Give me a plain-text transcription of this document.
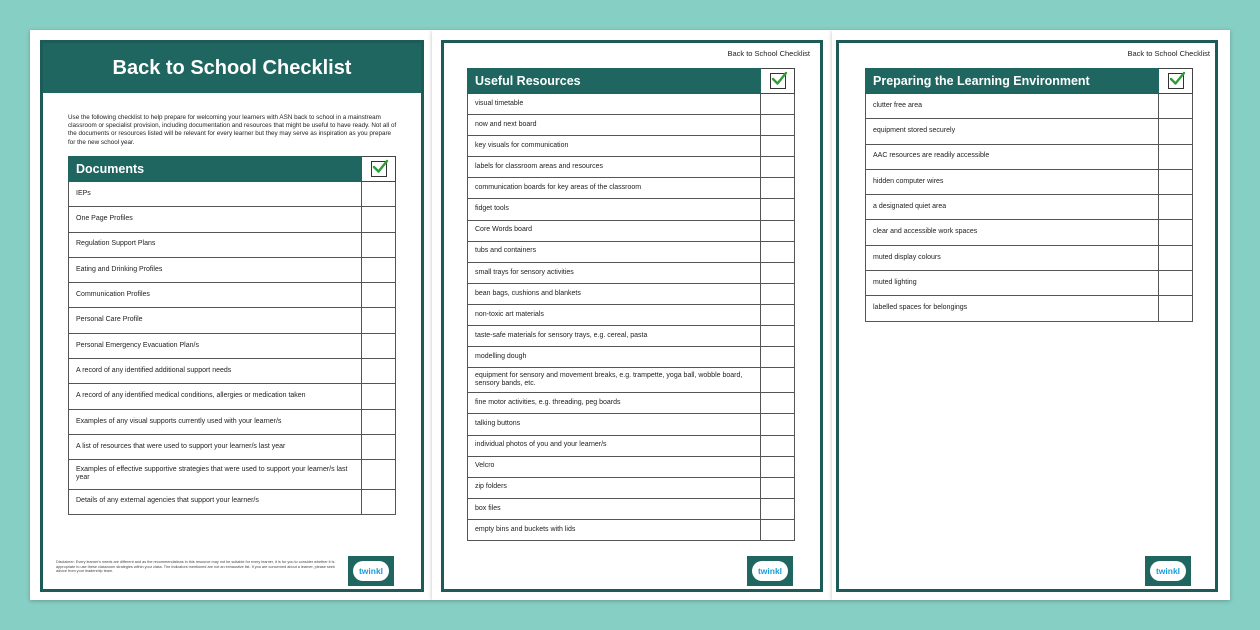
Back to School Checklist
Use the following checklist to help prepare for welcoming your learners with ASN back to school in a mainstream classroom or specialist provision, including documentation and resources that might be useful to have ready. Not all of the documents or resources listed will be relevant for every learner but they may serve as inspiration as you prepare for the new school year.
Documents	

IEPs	
One Page Profiles	
Regulation Support Plans	
Eating and Drinking Profiles	
Communication Profiles	
Personal Care Profile	
Personal Emergency Evacuation Plan/s	
A record of any identified additional support needs	
A record of any identified medical conditions, allergies or medication taken	
Examples of any visual supports currently used with your learner/s	
A list of resources that were used to support your learner/s last year	
Examples of effective supportive strategies that were used to support your learner/s last year	
Details of any external agencies that support your learner/s	
Disclaimer: Every learner's needs are different and as the recommendations in this resource may not be suitable for every learner, it is for you to consider whether it is appropriate to use these classroom strategies within your class. The indicators mentioned are not an exhaustive list. If you are concerned about a learner, please seek advice from your leadership team.	twinkl
Back to School Checklist
Useful Resources	

visual timetable	
now and next board	
key visuals for communication	
labels for classroom areas and resources	
communication boards for key areas of the classroom	
fidget tools	
Core Words board	
tubs and containers	
small trays for sensory activities	
bean bags, cushions and blankets	
non-toxic art materials	
taste-safe materials for sensory trays, e.g. cereal, pasta	
modelling dough	
equipment for sensory and movement breaks, e.g. trampette, yoga ball, wobble board, sensory bands, etc.	
fine motor activities, e.g. threading, peg boards	
talking buttons	
individual photos of you and your learner/s	
Velcro	
zip folders	
box files	
empty bins and buckets with lids	
twinkl
Back to School Checklist
Preparing the Learning Environment	

clutter free area	
equipment stored securely	
AAC resources are readily accessible	
hidden computer wires	
a designated quiet area	
clear and accessible work spaces	
muted display colours	
muted lighting	
labelled spaces for belongings	
twinkl
